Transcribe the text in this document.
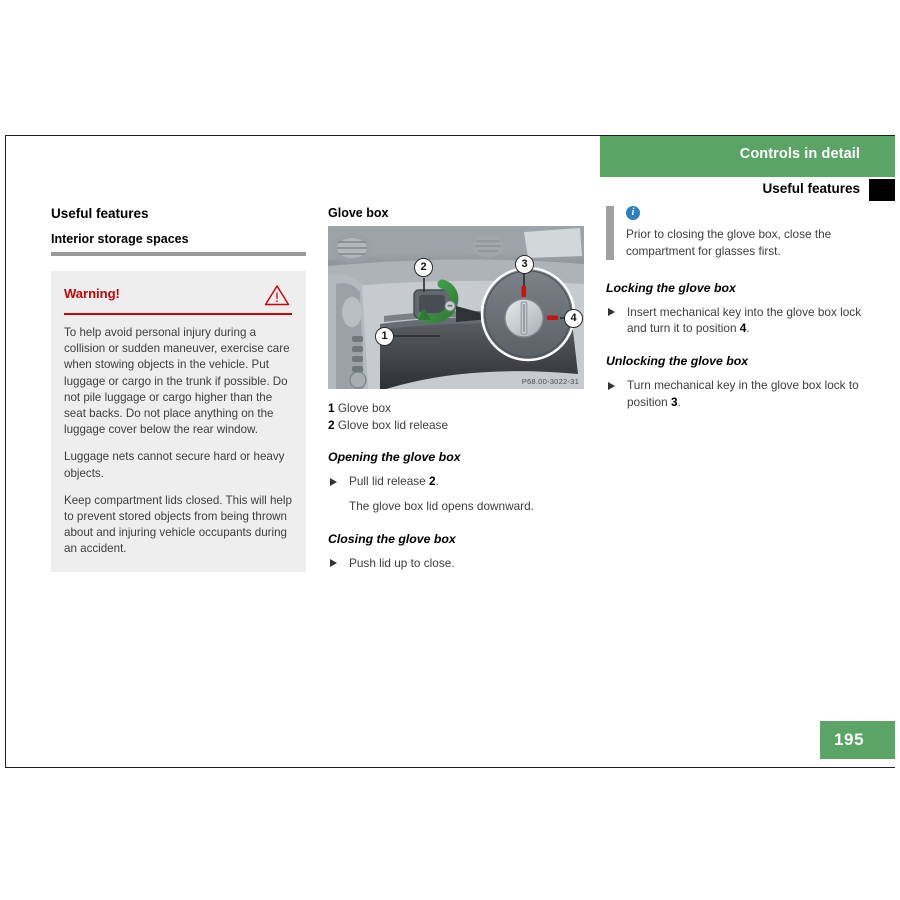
Controls in detail
Useful features
Useful features
Interior storage spaces
Warning!

To help avoid personal injury during a collision or sudden maneuver, exercise care when stowing objects in the vehicle. Put luggage or cargo in the trunk if possible. Do not pile luggage or cargo higher than the seat backs. Do not place anything on the luggage cover below the rear window.

Luggage nets cannot secure hard or heavy objects.

Keep compartment lids closed. This will help to prevent stored objects from being thrown about and injuring vehicle occupants during an accident.

Glove box
2
1
3
4
P68.00-3022-31
1 Glove box
2 Glove box lid release
Opening the glove box
Pull lid release 2.
The glove box lid opens downward.
Closing the glove box
Push lid up to close.
i

Prior to closing the glove box, close the compartment for glasses first.

Locking the glove box
Insert mechanical key into the glove box lock and turn it to position 4.
Unlocking the glove box
Turn mechanical key in the glove box lock to position 3.
195
